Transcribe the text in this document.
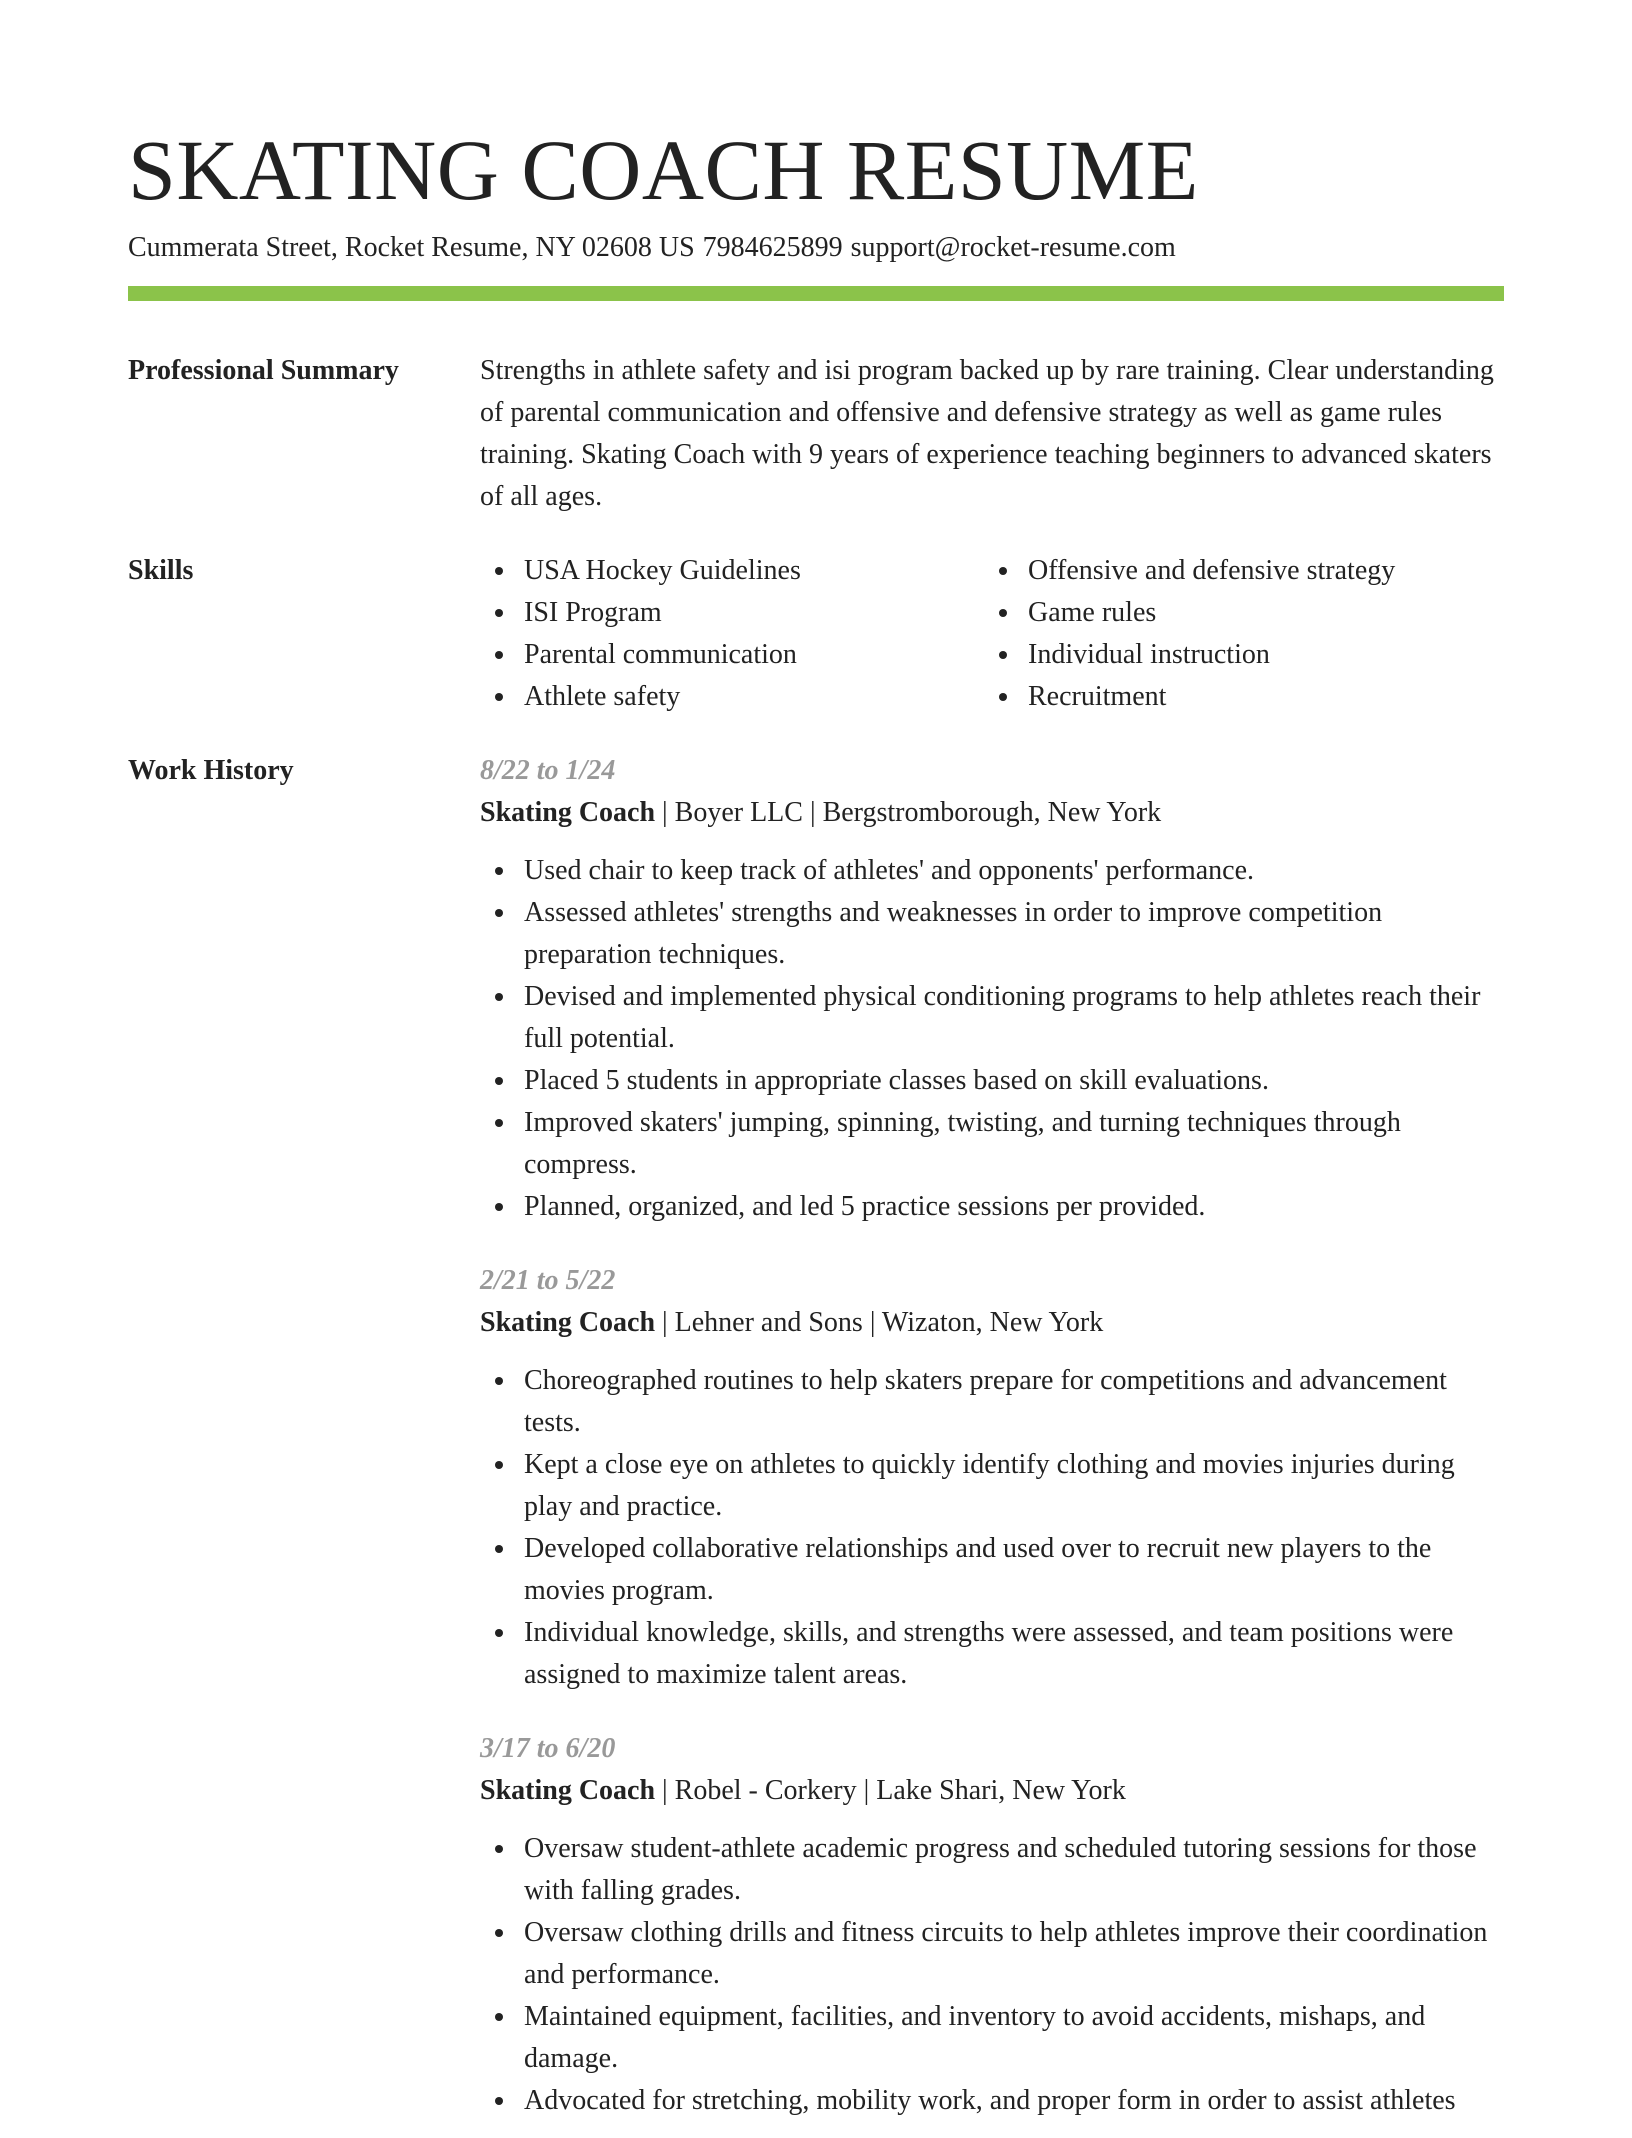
SKATING COACH RESUME
Cummerata Street, Rocket Resume, NY 02608 US 7984625899 support@rocket-resume.com
Professional Summary	Strengths in athlete safety and isi program backed up by rare training. Clear understanding of parental communication and offensive and defensive strategy as well as game rules training. Skating Coach with 9 years of experience teaching beginners to advanced skaters of all ages.

Skills	USA Hockey Guidelines
ISI Program
Parental communication
Athlete safety
Offensive and defensive strategy
Game rules
Individual instruction
Recruitment
Work History	8/22 to 1/24
Skating Coach | Boyer LLC | Bergstromborough, New York
Used chair to keep track of athletes' and opponents' performance.
Assessed athletes' strengths and weaknesses in order to improve competition preparation techniques.
Devised and implemented physical conditioning programs to help athletes reach their full potential.
Placed 5 students in appropriate classes based on skill evaluations.
Improved skaters' jumping, spinning, twisting, and turning techniques through compress.
Planned, organized, and led 5 practice sessions per provided.
2/21 to 5/22
Skating Coach | Lehner and Sons | Wizaton, New York
Choreographed routines to help skaters prepare for competitions and advancement tests.
Kept a close eye on athletes to quickly identify clothing and movies injuries during play and practice.
Developed collaborative relationships and used over to recruit new players to the movies program.
Individual knowledge, skills, and strengths were assessed, and team positions were assigned to maximize talent areas.
3/17 to 6/20
Skating Coach | Robel - Corkery | Lake Shari, New York
Oversaw student-athlete academic progress and scheduled tutoring sessions for those with falling grades.
Oversaw clothing drills and fitness circuits to help athletes improve their coordination and performance.
Maintained equipment, facilities, and inventory to avoid accidents, mishaps, and damage.
Advocated for stretching, mobility work, and proper form in order to assist athletes
